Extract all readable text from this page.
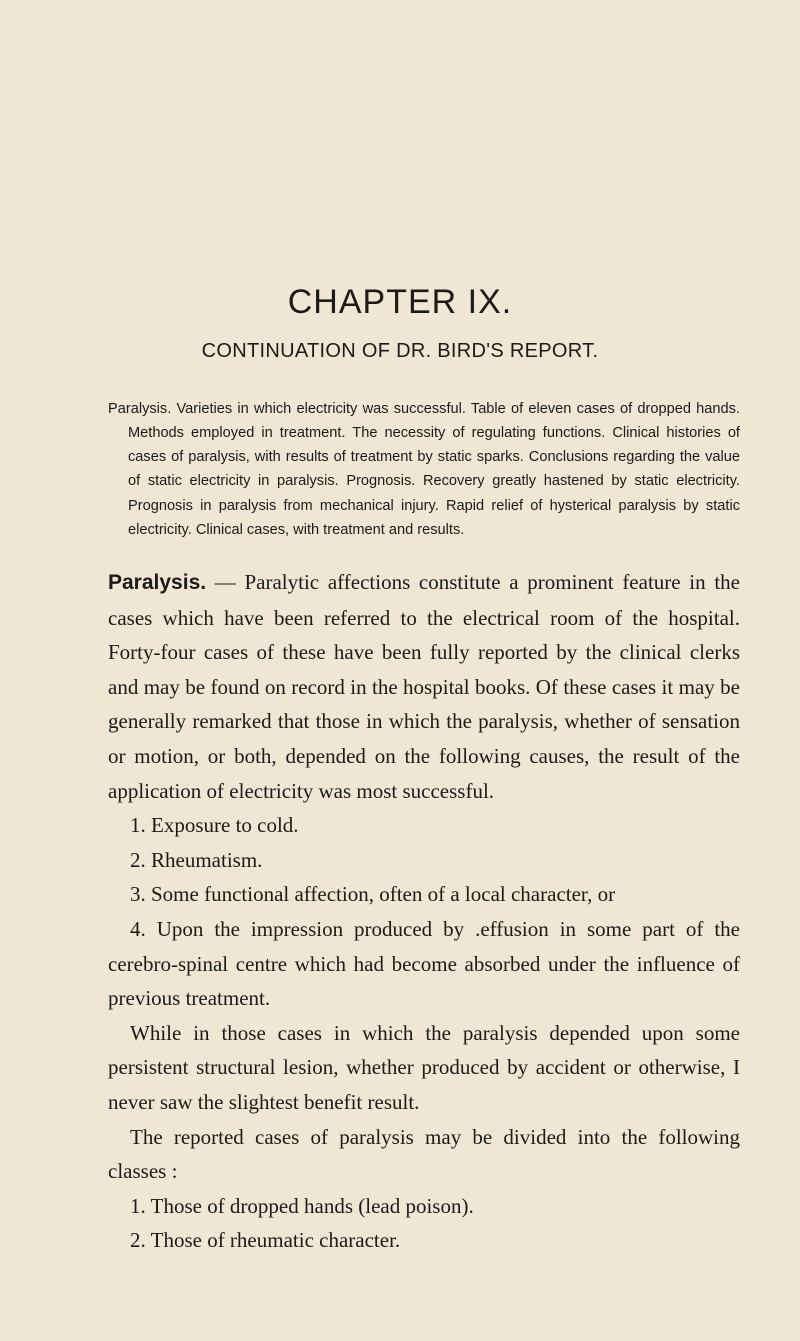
CHAPTER IX.
CONTINUATION OF DR. BIRD'S REPORT.

Paralysis. Varieties in which electricity was successful. Table of eleven cases of dropped hands. Methods employed in treatment. The necessity of regulating functions. Clinical histories of cases of paralysis, with results of treatment by static sparks. Conclusions regarding the value of static electricity in paralysis. Prognosis. Recovery greatly hastened by static electricity. Prognosis in paralysis from mechanical injury. Rapid relief of hysterical paralysis by static electricity. Clinical cases, with treatment and results.

Paralysis. — Paralytic affections constitute a prominent feature in the cases which have been referred to the electrical room of the hospital. Forty-four cases of these have been fully reported by the clinical clerks and may be found on record in the hospital books. Of these cases it may be generally remarked that those in which the paralysis, whether of sensation or motion, or both, depended on the following causes, the result of the application of electricity was most successful.

1. Exposure to cold.

2. Rheumatism.

3. Some functional affection, often of a local character, or

4. Upon the impression produced by .effusion in some part of the cerebro-spinal centre which had become absorbed under the influence of previous treatment.

While in those cases in which the paralysis depended upon some persistent structural lesion, whether produced by accident or otherwise, I never saw the slightest benefit result.

The reported cases of paralysis may be divided into the following classes :

1. Those of dropped hands (lead poison).

2. Those of rheumatic character.
